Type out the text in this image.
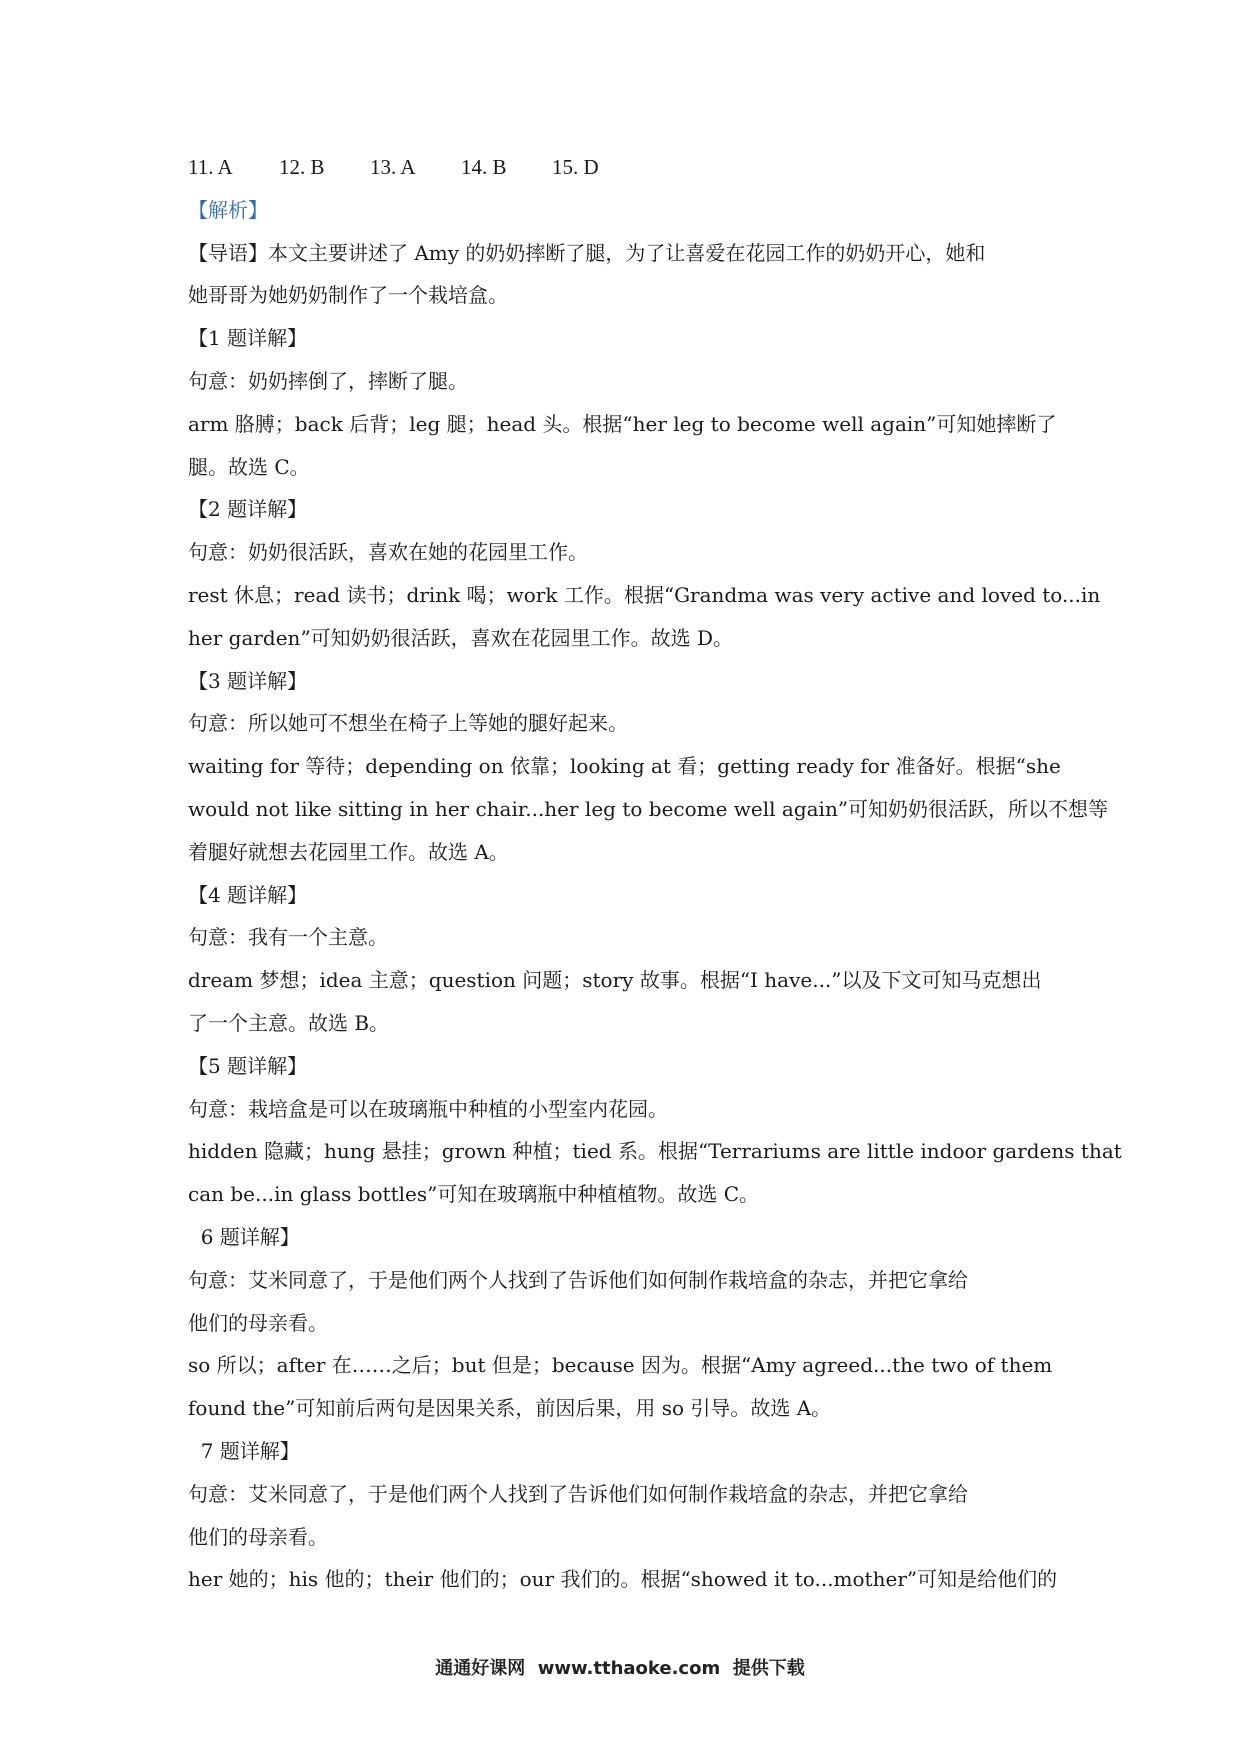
11. A	12. B	13. A	14. B	15. D
【解析】
【导语】本文主要讲述了 Amy 的奶奶摔断了腿，为了让喜爱在花园工作的奶奶开心，她和
她哥哥为她奶奶制作了一个栽培盒。
【1 题详解】
句意：奶奶摔倒了，摔断了腿。
arm 胳膊；back 后背；leg 腿；head 头。根据“her leg to become well again”可知她摔断了
腿。故选 C。
【2 题详解】
句意：奶奶很活跃，喜欢在她的花园里工作。
rest 休息；read 读书；drink 喝；work 工作。根据“Grandma was very active and loved to...in
her garden”可知奶奶很活跃，喜欢在花园里工作。故选 D。
【3 题详解】
句意：所以她可不想坐在椅子上等她的腿好起来。
waiting for 等待；depending on 依靠；looking at 看；getting ready for 准备好。根据“she
would not like sitting in her chair...her leg to become well again”可知奶奶很活跃，所以不想等
着腿好就想去花园里工作。故选 A。
【4 题详解】
句意：我有一个主意。
dream 梦想；idea 主意；question 问题；story 故事。根据“I have...”以及下文可知马克想出
了一个主意。故选 B。
【5 题详解】
句意：栽培盒是可以在玻璃瓶中种植的小型室内花园。
hidden 隐藏；hung 悬挂；grown 种植；tied 系。根据“Terrariums are little indoor gardens that
can be...in glass bottles”可知在玻璃瓶中种植植物。故选 C。
6 题详解】
句意：艾米同意了，于是他们两个人找到了告诉他们如何制作栽培盒的杂志，并把它拿给
他们的母亲看。
so 所以；after 在……之后；but 但是；because 因为。根据“Amy agreed...the two of them
found the”可知前后两句是因果关系，前因后果，用 so 引导。故选 A。
7 题详解】
句意：艾米同意了，于是他们两个人找到了告诉他们如何制作栽培盒的杂志，并把它拿给
他们的母亲看。
her 她的；his 他的；their 他们的；our 我们的。根据“showed it to...mother”可知是给他们的
通通好课网  www.tthaoke.com  提供下载
